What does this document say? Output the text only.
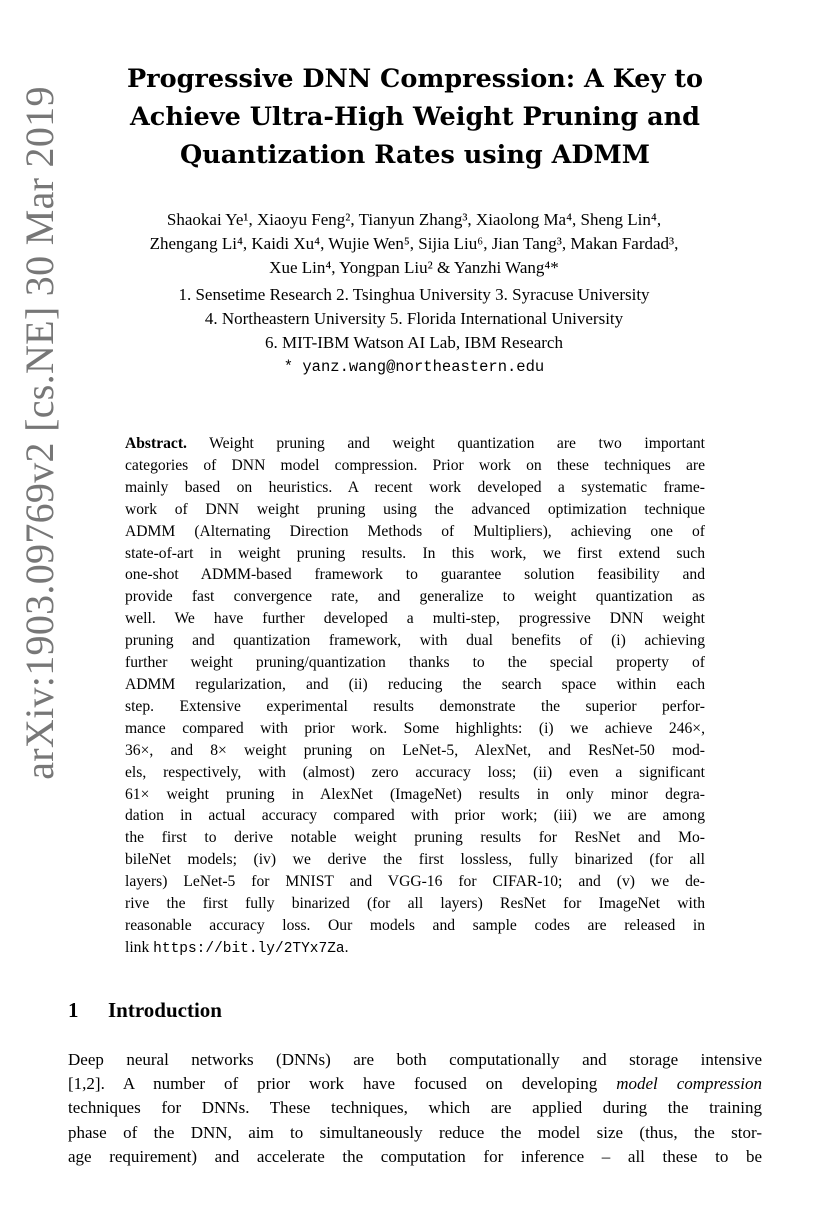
arXiv:1903.09769v2 [cs.NE] 30 Mar 2019
Progressive DNN Compression: A Key to
Achieve Ultra-High Weight Pruning and
Quantization Rates using ADMM
Shaokai Ye¹, Xiaoyu Feng², Tianyun Zhang³, Xiaolong Ma⁴, Sheng Lin⁴,
Zhengang Li⁴, Kaidi Xu⁴, Wujie Wen⁵, Sijia Liu⁶, Jian Tang³, Makan Fardad³,
Xue Lin⁴, Yongpan Liu² & Yanzhi Wang⁴*
1. Sensetime Research 2. Tsinghua University 3. Syracuse University
4. Northeastern University 5. Florida International University
6. MIT-IBM Watson AI Lab, IBM Research
* yanz.wang@northeastern.edu
Abstract. Weight pruning and weight quantization are two important
categories of DNN model compression. Prior work on these techniques are
mainly based on heuristics. A recent work developed a systematic frame-
work of DNN weight pruning using the advanced optimization technique
ADMM (Alternating Direction Methods of Multipliers), achieving one of
state-of-art in weight pruning results. In this work, we first extend such
one-shot ADMM-based framework to guarantee solution feasibility and
provide fast convergence rate, and generalize to weight quantization as
well. We have further developed a multi-step, progressive DNN weight
pruning and quantization framework, with dual benefits of (i) achieving
further weight pruning/quantization thanks to the special property of
ADMM regularization, and (ii) reducing the search space within each
step. Extensive experimental results demonstrate the superior perfor-
mance compared with prior work. Some highlights: (i) we achieve 246×,
36×, and 8× weight pruning on LeNet-5, AlexNet, and ResNet-50 mod-
els, respectively, with (almost) zero accuracy loss; (ii) even a significant
61× weight pruning in AlexNet (ImageNet) results in only minor degra-
dation in actual accuracy compared with prior work; (iii) we are among
the first to derive notable weight pruning results for ResNet and Mo-
bileNet models; (iv) we derive the first lossless, fully binarized (for all
layers) LeNet-5 for MNIST and VGG-16 for CIFAR-10; and (v) we de-
rive the first fully binarized (for all layers) ResNet for ImageNet with
reasonable accuracy loss. Our models and sample codes are released in
link https://bit.ly/2TYx7Za.
1 Introduction
Deep neural networks (DNNs) are both computationally and storage intensive
[1,2]. A number of prior work have focused on developing model compression
techniques for DNNs. These techniques, which are applied during the training
phase of the DNN, aim to simultaneously reduce the model size (thus, the stor-
age requirement) and accelerate the computation for inference – all these to be
